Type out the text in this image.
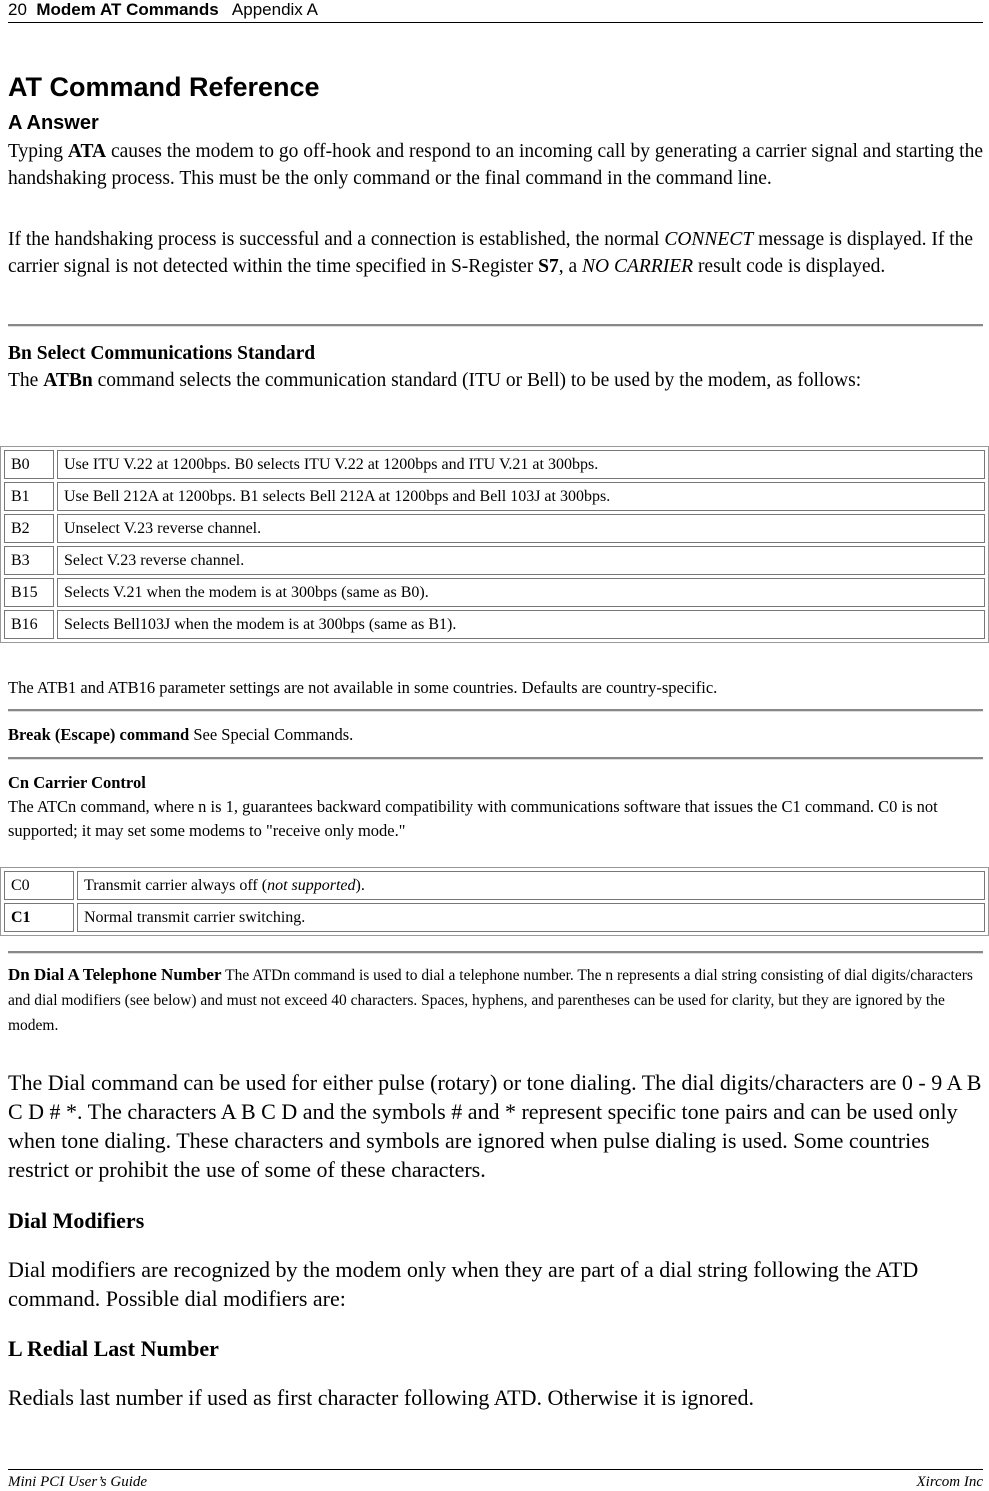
20 Modem AT Commands Appendix A
AT Command Reference
A Answer

Typing ATA causes the modem to go off-hook and respond to an incoming call by generating a carrier signal and starting the handshaking process. This must be the only command or the final command in the command line.

If the handshaking process is successful and a connection is established, the normal CONNECT message is displayed. If the carrier signal is not detected within the time specified in S-Register S7, a NO CARRIER result code is displayed.

Bn Select Communications Standard
The ATBn command selects the communication standard (ITU or Bell) to be used by the modem, as follows:
B0	Use ITU V.22 at 1200bps. B0 selects ITU V.22 at 1200bps and ITU V.21 at 300bps.
B1	Use Bell 212A at 1200bps. B1 selects Bell 212A at 1200bps and Bell 103J at 300bps.
B2	Unselect V.23 reverse channel.
B3	Select V.23 reverse channel.
B15	Selects V.21 when the modem is at 300bps (same as B0).
B16	Selects Bell103J when the modem is at 300bps (same as B1).

The ATB1 and ATB16 parameter settings are not available in some countries. Defaults are country-specific.

Break (Escape) command See Special Commands.

Cn Carrier Control
The ATCn command, where n is 1, guarantees backward compatibility with communications software that issues the C1 command. C0 is not supported; it may set some modems to "receive only mode."
C0	Transmit carrier always off (not supported).
C1	Normal transmit carrier switching.

Dn Dial A Telephone Number The ATDn command is used to dial a telephone number. The n represents a dial string consisting of dial digits/characters and dial modifiers (see below) and must not exceed 40 characters. Spaces, hyphens, and parentheses can be used for clarity, but they are ignored by the modem.

The Dial command can be used for either pulse (rotary) or tone dialing. The dial digits/characters are 0 - 9 A B C D # *. The characters A B C D and the symbols # and * represent specific tone pairs and can be used only when tone dialing. These characters and symbols are ignored when pulse dialing is used. Some countries restrict or prohibit the use of some of these characters.

Dial Modifiers

Dial modifiers are recognized by the modem only when they are part of a dial string following the ATD command. Possible dial modifiers are:

L Redial Last Number

Redials last number if used as first character following ATD. Otherwise it is ignored.

Mini PCI User’s Guide	Xircom Inc
